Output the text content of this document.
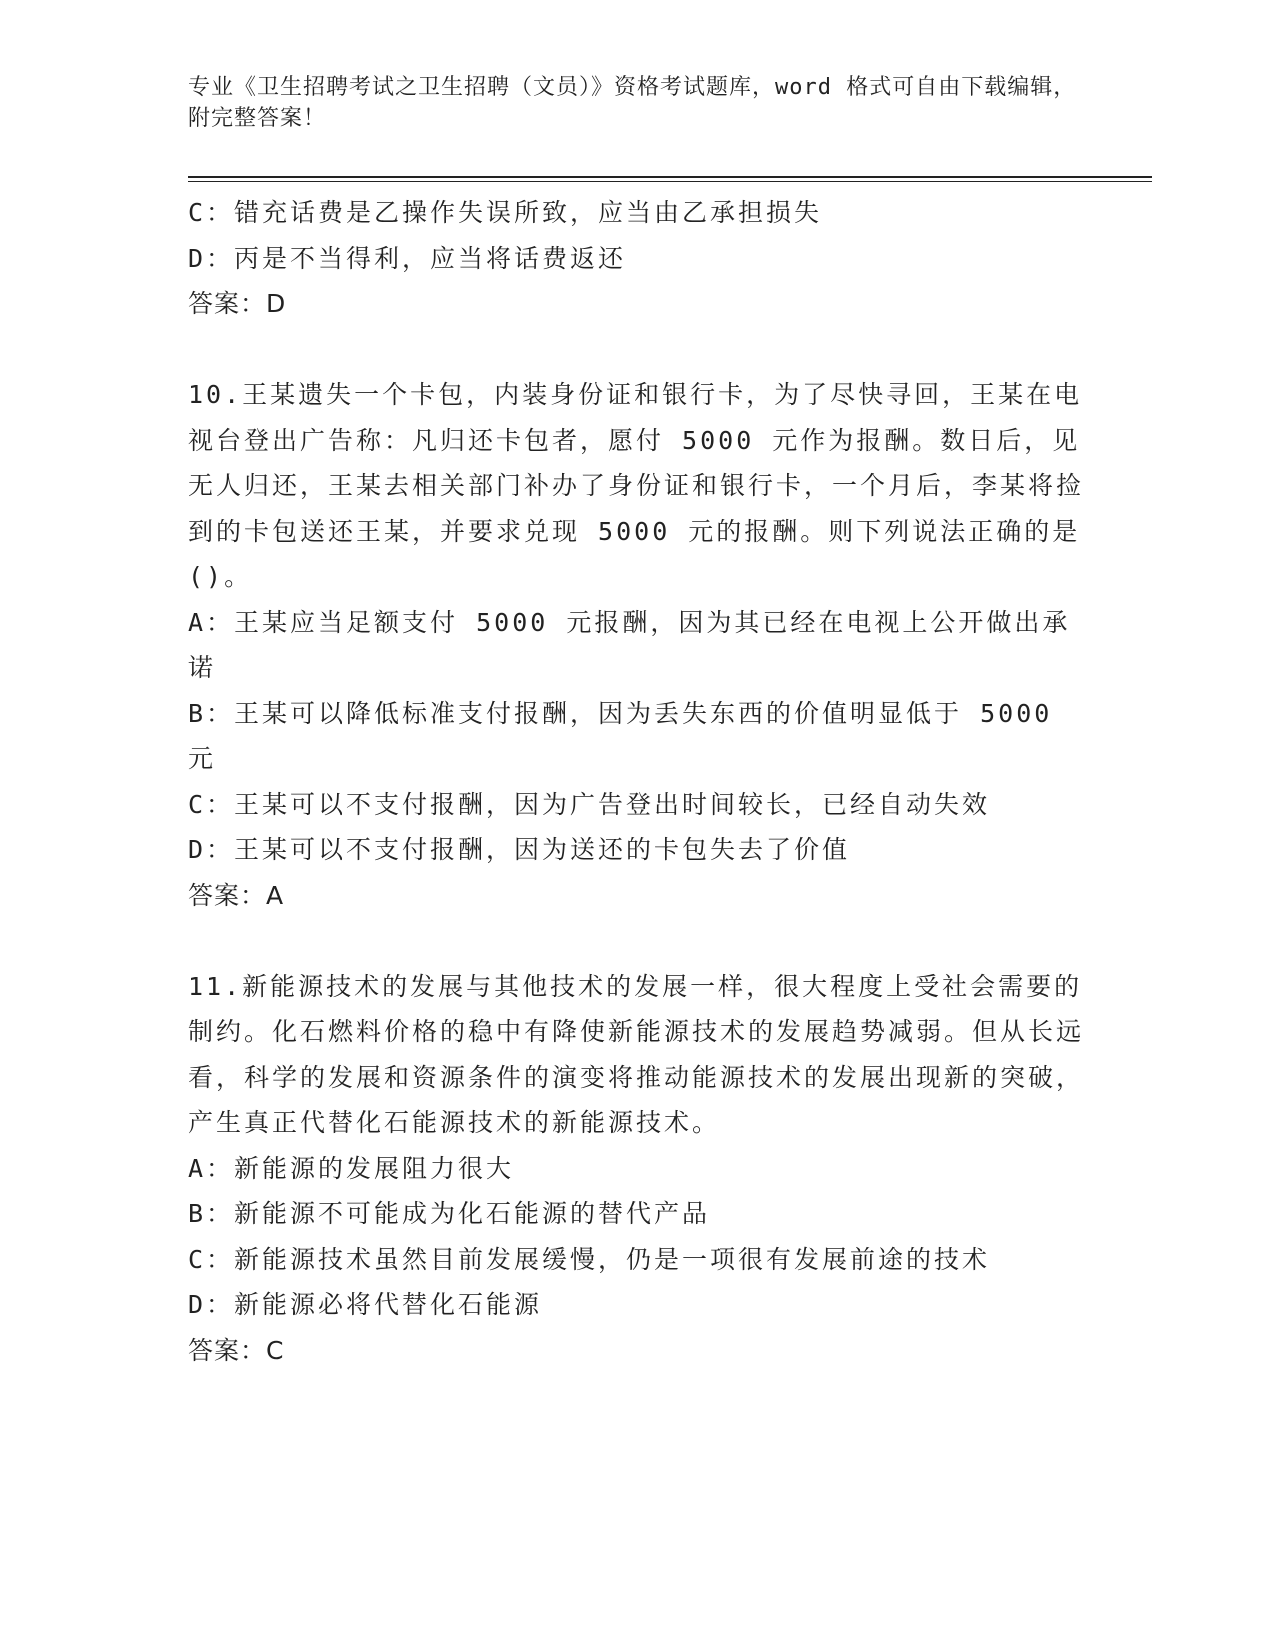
专业《卫生招聘考试之卫生招聘（文员）》资格考试题库，word 格式可自由下载编辑，附完整答案！

C：错充话费是乙操作失误所致，应当由乙承担损失

D：丙是不当得利，应当将话费返还

答案：D

10.王某遗失一个卡包，内装身份证和银行卡，为了尽快寻回，王某在电视台登出广告称：凡归还卡包者，愿付 5000 元作为报酬。数日后，见无人归还，王某去相关部门补办了身份证和银行卡，一个月后，李某将捡到的卡包送还王某，并要求兑现 5000 元的报酬。则下列说法正确的是()。

A：王某应当足额支付 5000 元报酬，因为其已经在电视上公开做出承诺

B：王某可以降低标准支付报酬，因为丢失东西的价值明显低于 5000 元

C：王某可以不支付报酬，因为广告登出时间较长，已经自动失效

D：王某可以不支付报酬，因为送还的卡包失去了价值

答案：A

11.新能源技术的发展与其他技术的发展一样，很大程度上受社会需要的制约。化石燃料价格的稳中有降使新能源技术的发展趋势减弱。但从长远看，科学的发展和资源条件的演变将推动能源技术的发展出现新的突破，产生真正代替化石能源技术的新能源技术。

A：新能源的发展阻力很大

B：新能源不可能成为化石能源的替代产品

C：新能源技术虽然目前发展缓慢，仍是一项很有发展前途的技术

D：新能源必将代替化石能源

答案：C
